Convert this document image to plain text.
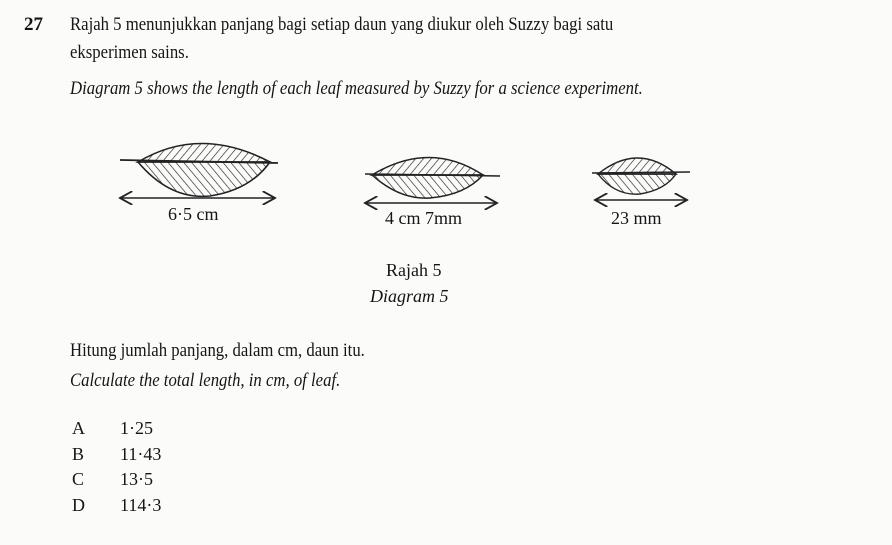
27 Rajah 5 menunjukkan panjang bagi setiap daun yang diukur oleh Suzzy bagi satu
eksperimen sains.
Diagram 5 shows the length of each leaf measured by Suzzy for a science experiment.
6·5 cm	4 cm 7mm	23 mm
Rajah 5
Diagram 5
Hitung jumlah panjang, dalam cm, daun itu.
Calculate the total length, in cm, of leaf.
A 1·25
B 11·43
C 13·5
D 114·3
